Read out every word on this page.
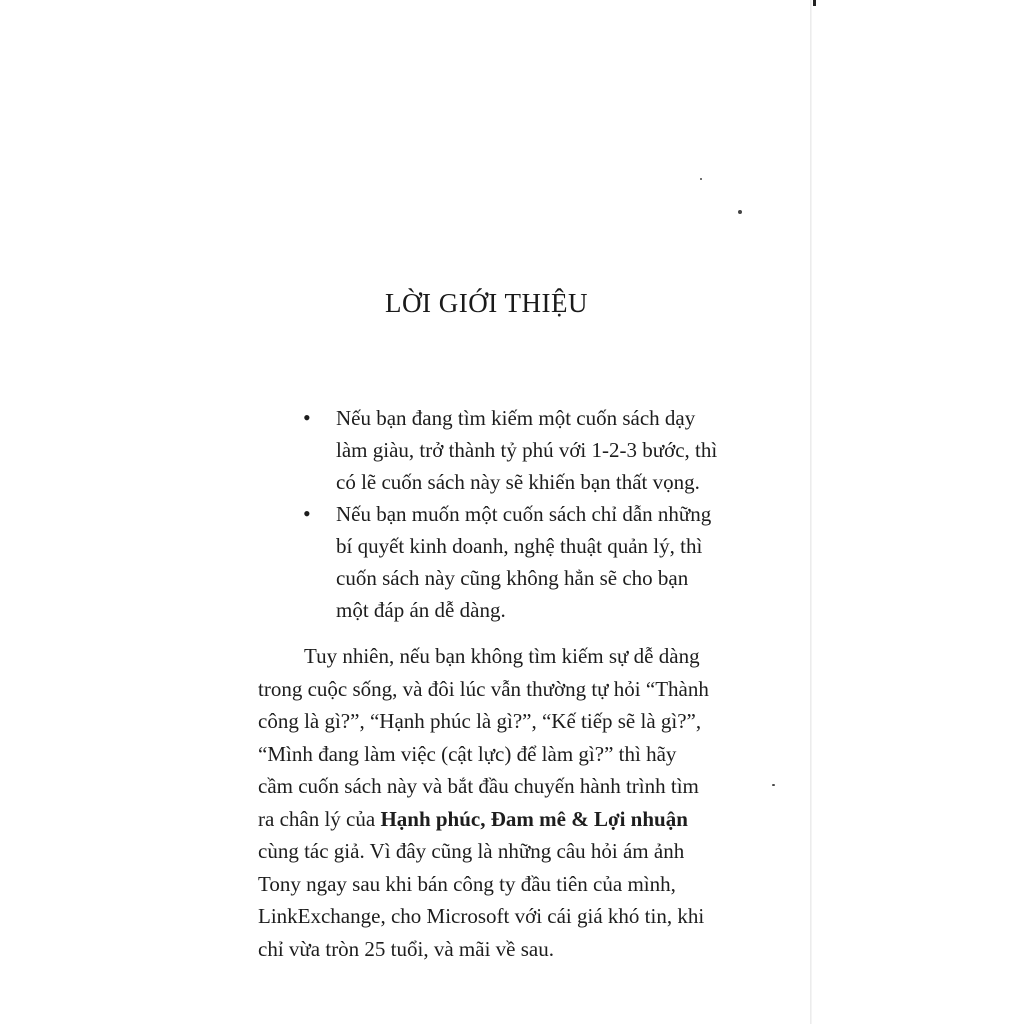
LỜI GIỚI THIỆU
• Nếu bạn đang tìm kiếm một cuốn sách dạy
làm giàu, trở thành tỷ phú với 1-2-3 bước, thì
có lẽ cuốn sách này sẽ khiến bạn thất vọng.
• Nếu bạn muốn một cuốn sách chỉ dẫn những
bí quyết kinh doanh, nghệ thuật quản lý, thì
cuốn sách này cũng không hẳn sẽ cho bạn
một đáp án dễ dàng.
Tuy nhiên, nếu bạn không tìm kiếm sự dễ dàng
trong cuộc sống, và đôi lúc vẫn thường tự hỏi “Thành
công là gì?”, “Hạnh phúc là gì?”, “Kế tiếp sẽ là gì?”,
“Mình đang làm việc (cật lực) để làm gì?” thì hãy
cầm cuốn sách này và bắt đầu chuyến hành trình tìm
ra chân lý của Hạnh phúc, Đam mê & Lợi nhuận
cùng tác giả. Vì đây cũng là những câu hỏi ám ảnh
Tony ngay sau khi bán công ty đầu tiên của mình,
LinkExchange, cho Microsoft với cái giá khó tin, khi
chỉ vừa tròn 25 tuổi, và mãi về sau.
